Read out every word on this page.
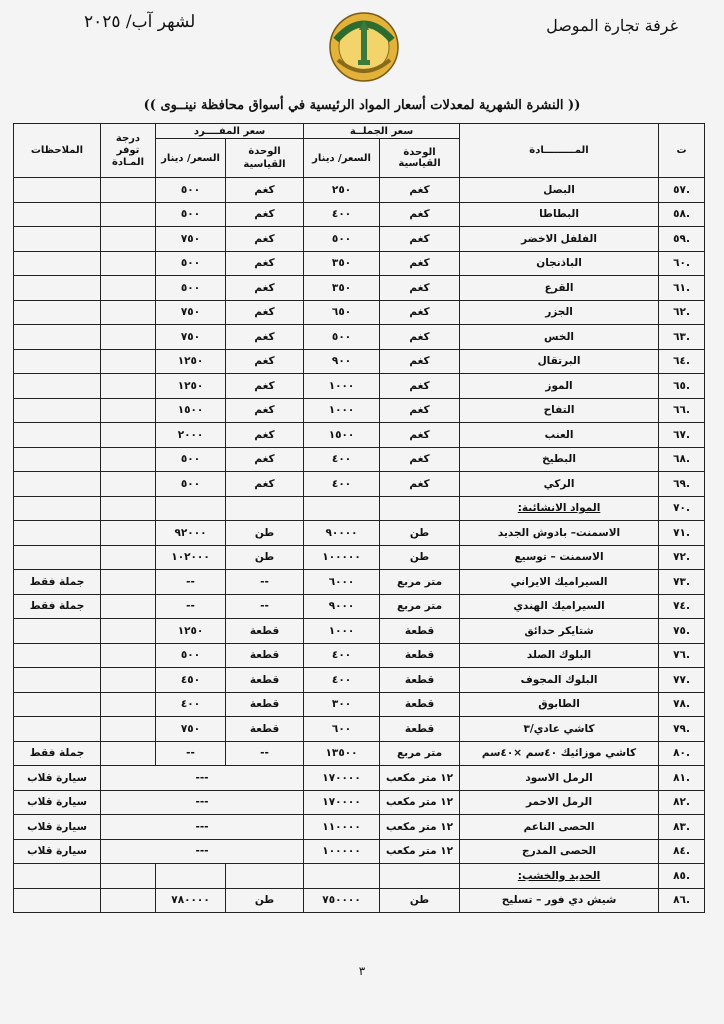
لشهر آب/ ٢٠٢٥	غرفة تجارة الموصل
(( النشرة الشهرية لمعدلات أسعار المواد الرئيسية في أسواق محافظة نينــوى ))
ت	المـــــــــادة	سعر الجملــة		سعر المفــــرد		درجة توفر المـادة	الملاحظات
		الوحدة القياسية	السعر/ دينار	الوحدة القياسية	السعر/ دينار		
.٥٧	البصل	كغم	٢٥٠	كغم	٥٠٠		
.٥٨	البطاطا	كغم	٤٠٠	كغم	٥٠٠		
.٥٩	الفلفل الاخضر	كغم	٥٠٠	كغم	٧٥٠		
.٦٠	الباذنجان	كغم	٣٥٠	كغم	٥٠٠		
.٦١	القرع	كغم	٣٥٠	كغم	٥٠٠		
.٦٢	الجزر	كغم	٦٥٠	كغم	٧٥٠		
.٦٣	الخس	كغم	٥٠٠	كغم	٧٥٠		
.٦٤	البرتقال	كغم	٩٠٠	كغم	١٢٥٠		
.٦٥	الموز	كغم	١٠٠٠	كغم	١٢٥٠		
.٦٦	التفاح	كغم	١٠٠٠	كغم	١٥٠٠		
.٦٧	العنب	كغم	١٥٠٠	كغم	٢٠٠٠		
.٦٨	البطيخ	كغم	٤٠٠	كغم	٥٠٠		
.٦٩	الركي	كغم	٤٠٠	كغم	٥٠٠		
.٧٠	المواد الانشائية:						
.٧١	الاسمنت– بادوش الجديد	طن	٩٠٠٠٠	طن	٩٢٠٠٠		
.٧٢	الاسمنت – توسيع	طن	١٠٠٠٠٠	طن	١٠٢٠٠٠		
.٧٣	السيراميك الايراني	متر مربع	٦٠٠٠	--	--		جملة فقط
.٧٤	السيراميك الهندي	متر مربع	٩٠٠٠	--	--		جملة فقط
.٧٥	شتايكر حدائق	قطعة	١٠٠٠	قطعة	١٢٥٠		
.٧٦	البلوك الصلد	قطعة	٤٠٠	قطعة	٥٠٠		
.٧٧	البلوك المجوف	قطعة	٤٠٠	قطعة	٤٥٠		
.٧٨	الطابوق	قطعة	٣٠٠	قطعة	٤٠٠		
.٧٩	كاشي عادي/٣	قطعة	٦٠٠	قطعة	٧٥٠		
.٨٠	كاشي موزائيك ٤٠سم ×٤٠سم	متر مربع	١٣٥٠٠	--	--		جملة فقط
.٨١	الرمل الاسود	١٢ متر مكعب	١٧٠٠٠٠	---			سيارة قلاب
.٨٢	الرمل الاحمر	١٢ متر مكعب	١٧٠٠٠٠	---			سيارة قلاب
.٨٣	الحصى الناعم	١٢ متر مكعب	١١٠٠٠٠	---			سيارة قلاب
.٨٤	الحصى المدرج	١٢ متر مكعب	١٠٠٠٠٠	---			سيارة قلاب
.٨٥	الحديد والخشب:						
.٨٦	شيش دي فور – تسليح	طن	٧٥٠٠٠٠	طن	٧٨٠٠٠٠		
٣
